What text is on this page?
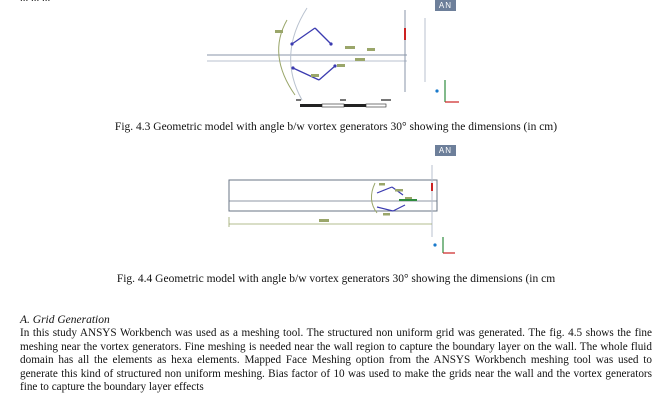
AN
Fig. 4.3 Geometric model with angle b/w vortex generators 30° showing the dimensions (in cm)
AN
Fig. 4.4 Geometric model with angle b/w vortex generators 30° showing the dimensions (in cm
A. Grid Generation
In this study ANSYS Workbench was used as a meshing tool. The structured non uniform grid was generated. The fig. 4.5 shows the fine meshing near the vortex generators. Fine meshing is needed near the wall region to capture the boundary layer on the wall. The whole fluid domain has all the elements as hexa elements. Mapped Face Meshing option from the ANSYS Workbench meshing tool was used to generate this kind of structured non uniform meshing. Bias factor of 10 was used to make the grids near the wall and the vortex generators fine to capture the boundary layer effects
